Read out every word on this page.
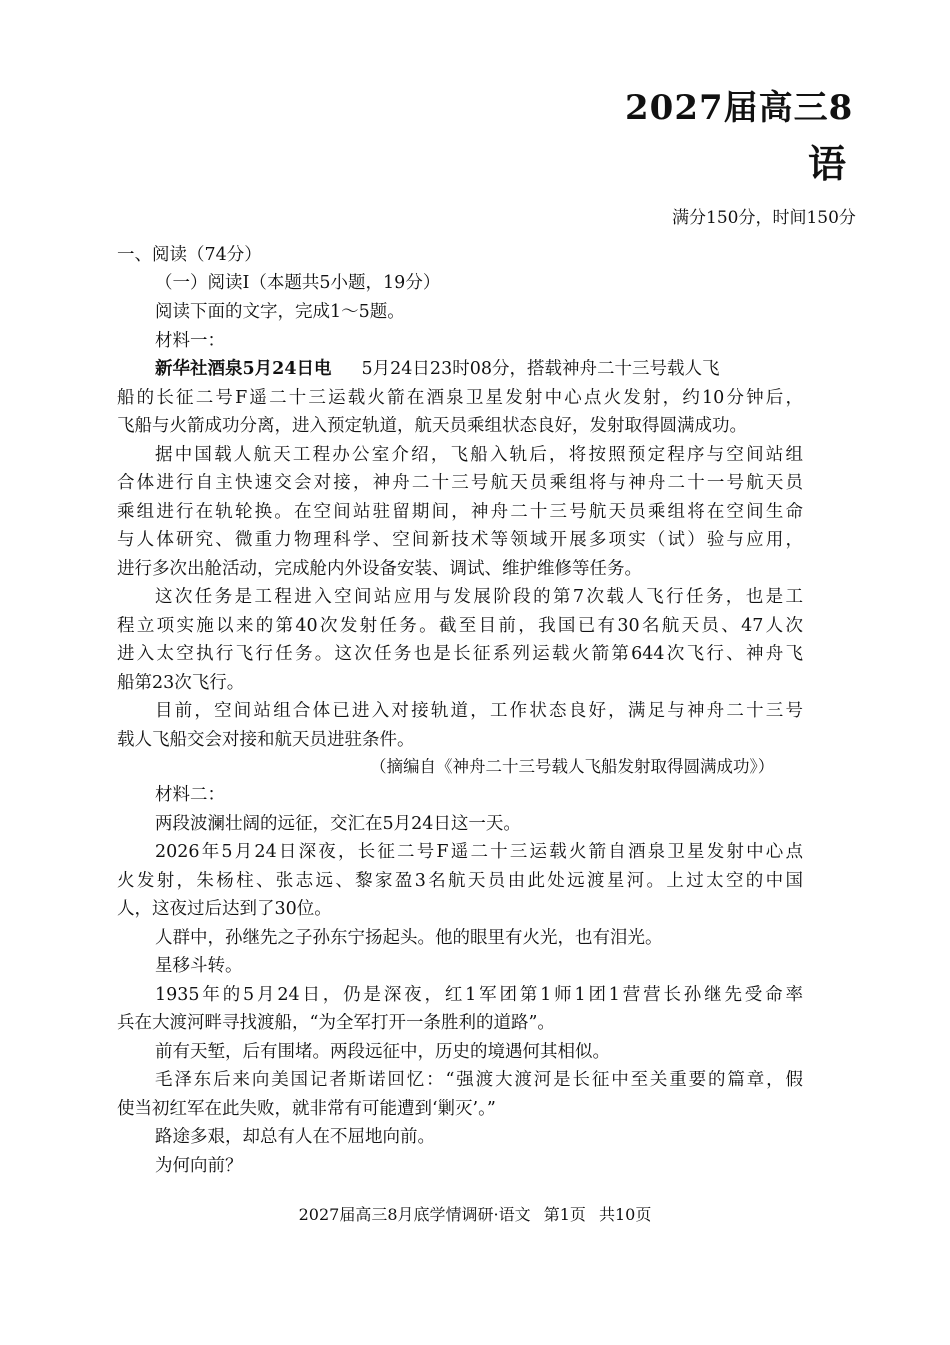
2027届高三8
语
满分150分，时间150分
一、阅读（74分）
（一）阅读Ⅰ（本题共5小题，19分）
阅读下面的文字，完成1～5题。
材料一：
新华社酒泉5月24日电 5月24日23时08分，搭载神舟二十三号载人飞
船的长征二号F遥二十三运载火箭在酒泉卫星发射中心点火发射，约10分钟后，
飞船与火箭成功分离，进入预定轨道，航天员乘组状态良好，发射取得圆满成功。
据中国载人航天工程办公室介绍，飞船入轨后，将按照预定程序与空间站组
合体进行自主快速交会对接，神舟二十三号航天员乘组将与神舟二十一号航天员
乘组进行在轨轮换。在空间站驻留期间，神舟二十三号航天员乘组将在空间生命
与人体研究、微重力物理科学、空间新技术等领域开展多项实（试）验与应用，
进行多次出舱活动，完成舱内外设备安装、调试、维护维修等任务。
这次任务是工程进入空间站应用与发展阶段的第7次载人飞行任务，也是工
程立项实施以来的第40次发射任务。截至目前，我国已有30名航天员、47人次
进入太空执行飞行任务。这次任务也是长征系列运载火箭第644次飞行、神舟飞
船第23次飞行。
目前，空间站组合体已进入对接轨道，工作状态良好，满足与神舟二十三号
载人飞船交会对接和航天员进驻条件。
（摘编自《神舟二十三号载人飞船发射取得圆满成功》）
材料二：
两段波澜壮阔的远征，交汇在5月24日这一天。
2026年5月24日深夜，长征二号F遥二十三运载火箭自酒泉卫星发射中心点
火发射，朱杨柱、张志远、黎家盈3名航天员由此处远渡星河。上过太空的中国
人，这夜过后达到了30位。
人群中，孙继先之子孙东宁扬起头。他的眼里有火光，也有泪光。
星移斗转。
1935年的5月24日，仍是深夜，红1军团第1师1团1营营长孙继先受命率
兵在大渡河畔寻找渡船，“为全军打开一条胜利的道路”。
前有天堑，后有围堵。两段远征中，历史的境遇何其相似。
毛泽东后来向美国记者斯诺回忆：“强渡大渡河是长征中至关重要的篇章，假
使当初红军在此失败，就非常有可能遭到‘剿灭’。”
路途多艰，却总有人在不屈地向前。
为何向前？
2027届高三8月底学情调研·语文 第1页 共10页
